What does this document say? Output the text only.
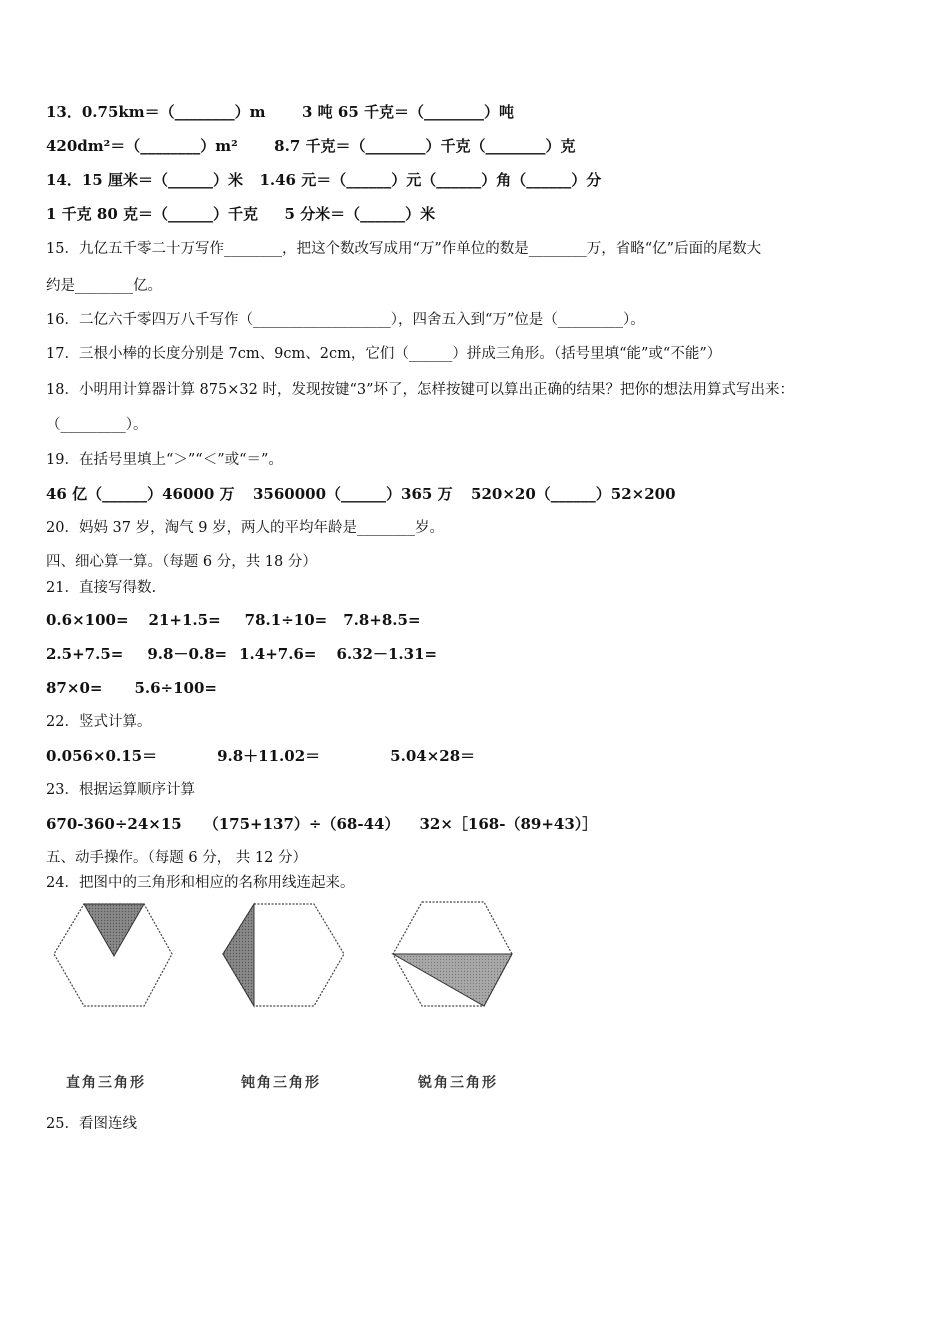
13．0.75km＝（________）m 3 吨 65 千克＝（________）吨
420dm²＝（________）m² 8.7 千克＝（________）千克（________）克
14．15 厘米＝（______）米 1.46 元＝（______）元（______）角（______）分
1 千克 80 克＝（______）千克 5 分米＝（______）米
15．九亿五千零二十万写作________，把这个数改写成用“万”作单位的数是________万，省略“亿”后面的尾数大
约是________亿。
16．二亿六千零四万八千写作（___________________），四舍五入到“万”位是（_________）。
17．三根小棒的长度分别是 7cm、9cm、2cm，它们（______）拼成三角形。（括号里填“能”或“不能”）
18．小明用计算器计算 875×32 时，发现按键“3”坏了，怎样按键可以算出正确的结果？把你的想法用算式写出来：
（_________）。
19．在括号里填上“＞”“＜”或“＝”。
46 亿（______）46000 万 3560000（______）365 万 520×20（______）52×200
20．妈妈 37 岁，淘气 9 岁，两人的平均年龄是________岁。
四、细心算一算。（每题 6 分，共 18 分）
21．直接写得数.
0.6×100= 21+1.5= 78.1÷10= 7.8+8.5=
2.5+7.5= 9.8－0.8= 1.4+7.6= 6.32－1.31=
87×0= 5.6÷100=
22．竖式计算。
0.056×0.15＝	9.8＋11.02＝	5.04×28＝
23．根据运算顺序计算
670-360÷24×15 （175+137）÷（68-44） 32×［168-（89+43）］
五、动手操作。（每题 6 分， 共 12 分）
24．把图中的三角形和相应的名称用线连起来。
直角三角形	钝角三角形	锐角三角形
25．看图连线
